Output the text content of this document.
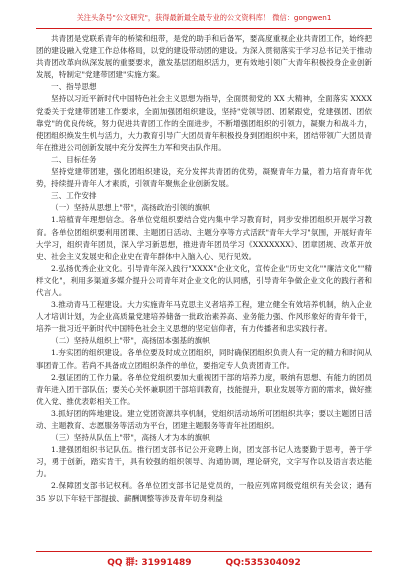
关注头条号"公文研究"，获得最新最全最专业的公文资料库！ 微信：gongwen1

共青团是党联系青年的桥梁和纽带，是党的助手和后备军，要高度重视企业共青团工作，始终把团的建设融入党建工作总体格局，以党的建设带动团的建设。为深入贯彻落实于学习总书记关于推动共青团改革向纵深发展的重要要求，激发基层团组织活力，更有效地引领广大青年积极投身企业创新发展，特制定"党建带团建"实施方案。

一、指导思想

坚持以习近平新时代中国特色社会主义思想为指导，全面贯彻党的 XX 大精神，全面落实 XXXX 党委关于党建带团建工作要求，全面加强团组织建设，坚持"党领导团、团紧跟党，党建强团、团依靠党"的优良传统，努力促进共青团工作的全面进步，不断增强团组织的引领力，凝聚力和战斗力，使团组织焕发生机与活力，大力教育引导广大团员青年积极投身到团组织中来，团结带领广大团员青年在推进公司创新发展中充分发挥生力军和突击队作用。

二、目标任务

坚持党建带团建，强化团组织建设，充分发挥共青团的优势，凝聚青年力量，着力培育青年优势，持续提升青年人才素质，引领青年聚焦企业创新发展。

三、工作安排

（一）坚持从思想上"带"，高扬政治引领的旗帜

1.培植青年理想信念。各单位党组织要结合党内集中学习教育时，同步安排团组织开展学习教育。各单位团组织要利用团课、主题团日活动、主题分享等方式活跃"青年大学习"氛围，开展好青年大学习，组织青年团员，深入学习新思想，推进青年团员学习《XXXXXXX》、团章团规、改革开放史、社会主义发展史和企业史在青年群体中入脑入心、见行见效。

2.弘扬优秀企业文化。引导青年深入践行"XXXX"企业文化，宣传企业"历史文化""廉洁文化""精样文化"，利用多渠道多媒介提升公司青年对企业文化的认同感，引导青年争做企业文化的践行者和代言人。

3.推动青马工程建设。大力实施青年马克思主义者培养工程，建立健全有效培养机制，纳入企业人才培训计划，为企业高质量党建培养储备一批政治素养高、业务能力强、作风形象好的青年骨干，培养一批习近平新时代中国特色社会主义思想的坚定信仰者，有力传播者和忠实践行者。

（二）坚持从组织上"带"，高扬固本强基的旗帜

1.夯实团的组织建设。各单位要及时成立团组织，同时确保团组织负责人有一定的精力和时间从事团青工作。若尚不具备成立团组织条件的单位，要指定专人负责团青工作。

2.强证团的工作力量。各单位党组织要加大重视团干部的培养力度，吸纳有思想、有能力的团员青年进入团干部队伍；要关心关怀兼职团干部培训教育，技能提升，职业发展等方面的需求，做好推优入党、推优表彰相关工作。

3.抓好团的阵地建设。建立党团资源共享机制，党组织活动场所可团组织共享；要以主题团日活动、主题教育、志愿服务等活动为平台，团建主题服务等青年社团组织。

（三）坚持从队伍上"带"，高扬人才为本的旗帜

1.建强团组织书记队伍。推行团支部书记公开竞聘上岗，团支部书记人选要勤于思考，善于学习，勇于创新，踏实肯干，具有较强的组织领导、沟通协调，理论研究，文字写作以及语言表达能力。

2.保障团支部书记权利。各单位团支部书记是党员的，一般应列席同级党组织有关会议；遇有 35 岁以下年轻干部提拔、薪酬调整等涉及青年切身利益

QQ 群: 31991489	QQ:535304092
